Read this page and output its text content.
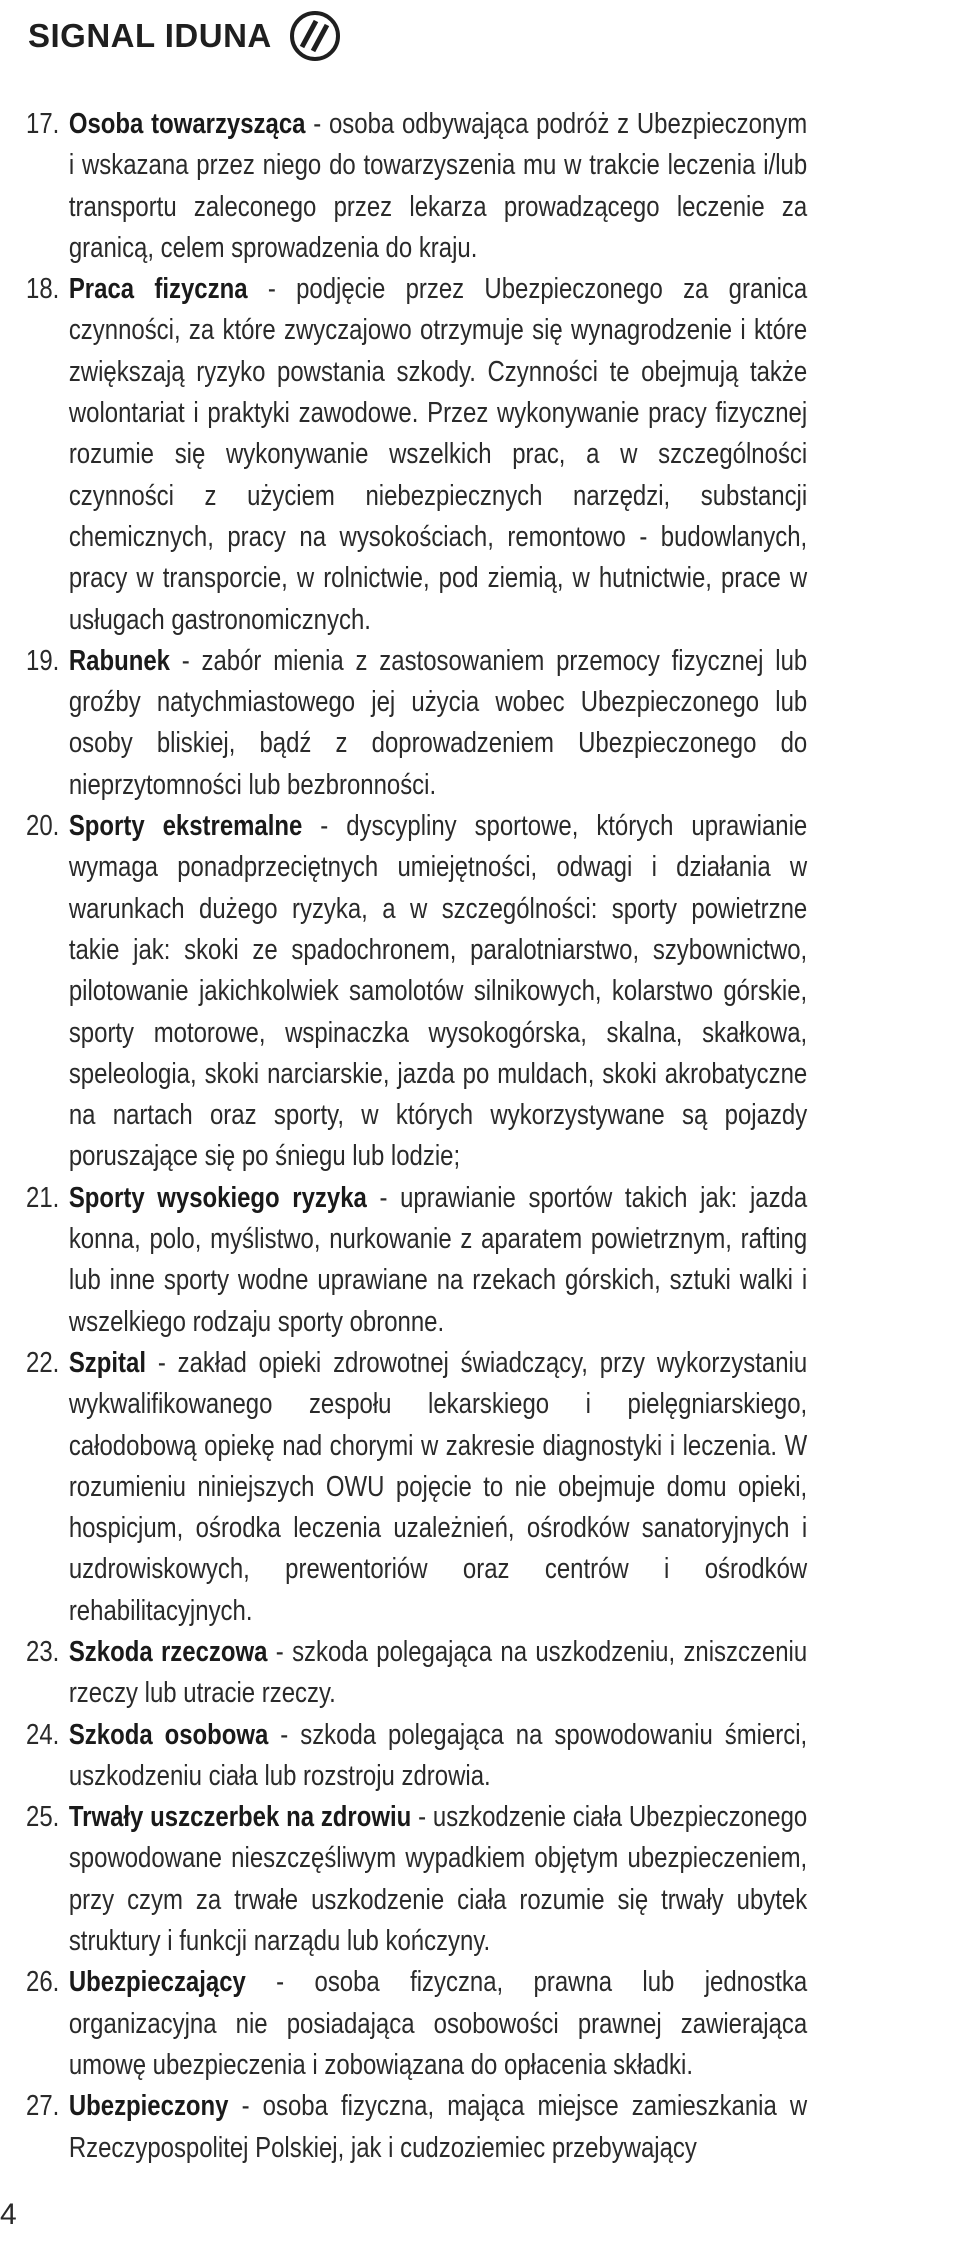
SIGNAL IDUNA
17. Osoba towarzysząca - osoba odbywająca podróż z Ubezpieczonym i wskazana przez niego do towarzyszenia mu w trakcie leczenia i/lub transportu zaleconego przez lekarza prowadzącego leczenie za granicą, celem sprowadzenia do kraju.
18. Praca fizyczna - podjęcie przez Ubezpieczonego za granica czynności, za które zwyczajowo otrzymuje się wynagrodzenie i które zwiększają ryzyko powstania szkody. Czynności te obejmują także wolontariat i praktyki zawodowe. Przez wykonywanie pracy fizycznej rozumie się wykonywanie wszelkich prac, a w szczególności czynności z użyciem niebezpiecznych narzędzi, substancji chemicznych, pracy na wysokościach, remontowo - budowlanych, pracy w transporcie, w rolnictwie, pod ziemią, w hutnictwie, prace w usługach gastronomicznych.
19. Rabunek - zabór mienia z zastosowaniem przemocy fizycznej lub groźby natychmiastowego jej użycia wobec Ubezpieczonego lub osoby bliskiej, bądź z doprowadzeniem Ubezpieczonego do nieprzytomności lub bezbronności.
20. Sporty ekstremalne - dyscypliny sportowe, których uprawianie wymaga ponadprzeciętnych umiejętności, odwagi i działania w warunkach dużego ryzyka, a w szczególności: sporty powietrzne takie jak: skoki ze spadochronem, paralotniarstwo, szybownictwo, pilotowanie jakichkolwiek samolotów silnikowych, kolarstwo górskie, sporty motorowe, wspinaczka wysokogórska, skalna, skałkowa, speleologia, skoki narciarskie, jazda po muldach, skoki akrobatyczne na nartach oraz sporty, w których wykorzystywane są pojazdy poruszające się po śniegu lub lodzie;
21. Sporty wysokiego ryzyka - uprawianie sportów takich jak: jazda konna, polo, myślistwo, nurkowanie z aparatem powietrznym, rafting lub inne sporty wodne uprawiane na rzekach górskich, sztuki walki i wszelkiego rodzaju sporty obronne.
22. Szpital - zakład opieki zdrowotnej świadczący, przy wykorzystaniu wykwalifikowanego zespołu lekarskiego i pielęgniarskiego, całodobową opiekę nad chorymi w zakresie diagnostyki i leczenia. W rozumieniu niniejszych OWU pojęcie to nie obejmuje domu opieki, hospicjum, ośrodka leczenia uzależnień, ośrodków sanatoryjnych i uzdrowiskowych, prewentoriów oraz centrów i ośrodków rehabilitacyjnych.
23. Szkoda rzeczowa - szkoda polegająca na uszkodzeniu, zniszczeniu rzeczy lub utracie rzeczy.
24. Szkoda osobowa - szkoda polegająca na spowodowaniu śmierci, uszkodzeniu ciała lub rozstroju zdrowia.
25. Trwały uszczerbek na zdrowiu - uszkodzenie ciała Ubezpieczonego spowodowane nieszczęśliwym wypadkiem objętym ubezpieczeniem, przy czym za trwałe uszkodzenie ciała rozumie się trwały ubytek struktury i funkcji narządu lub kończyny.
26. Ubezpieczający - osoba fizyczna, prawna lub jednostka organizacyjna nie posiadająca osobowości prawnej zawierająca umowę ubezpieczenia i zobowiązana do opłacenia składki.
27. Ubezpieczony - osoba fizyczna, mająca miejsce zamieszkania w Rzeczypospolitej Polskiej, jak i cudzoziemiec przebywający
4
